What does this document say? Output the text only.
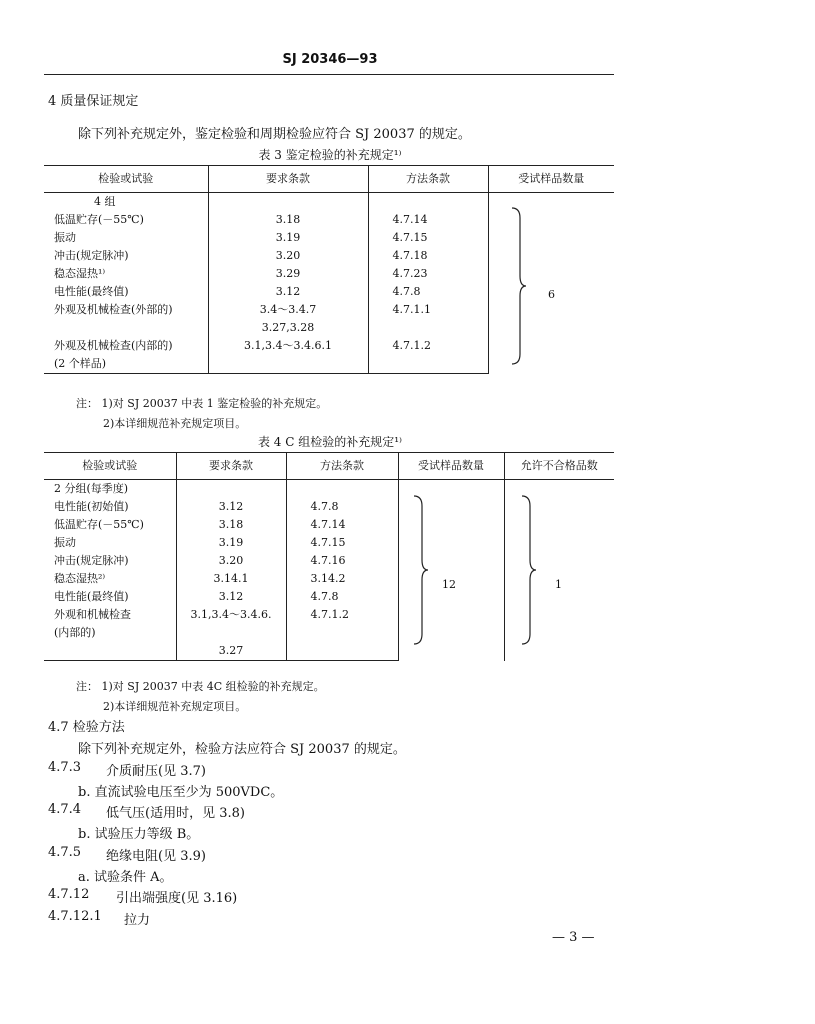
SJ 20346—93
4 质量保证规定
除下列补充规定外，鉴定检验和周期检验应符合 SJ 20037 的规定。
表 3 鉴定检验的补充规定¹⁾
检验或试验	要求条款	方法条款	受试样品数量
4 组			
低温贮存(－55℃)	3.18	4.7.14	
振动	3.19	4.7.15	
冲击(规定脉冲)	3.20	4.7.18	
稳态湿热¹⁾	3.29	4.7.23	
电性能(最终值)	3.12	4.7.8	
外观及机械检查(外部的)	3.4～3.4.7	4.7.1.1	
	3.27,3.28		
外观及机械检查(内部的)	3.1,3.4～3.4.6.1	4.7.1.2	
(2 个样品)			
6
注： 1)对 SJ 20037 中表 1 鉴定检验的补充规定。
2)本详细规范补充规定项目。
表 4 C 组检验的补充规定¹⁾
检验或试验	要求条款	方法条款	受试样品数量	允许不合格品数
2 分组(每季度)				
电性能(初始值)	3.12	4.7.8		
低温贮存(－55℃)	3.18	4.7.14		
振动	3.19	4.7.15		
冲击(规定脉冲)	3.20	4.7.16		
稳态湿热²⁾	3.14.1	3.14.2		
电性能(最终值)	3.12	4.7.8		
外观和机械检查	3.1,3.4～3.4.6.	4.7.1.2		
(内部的)				
	3.27			
12	1
注： 1)对 SJ 20037 中表 4C 组检验的补充规定。
2)本详细规范补充规定项目。
4.7 检验方法
除下列补充规定外，检验方法应符合 SJ 20037 的规定。
4.7.3 介质耐压(见 3.7)
b. 直流试验电压至少为 500VDC。
4.7.4 低气压(适用时，见 3.8)
b. 试验压力等级 B。
4.7.5 绝缘电阻(见 3.9)
a. 试验条件 A。
4.7.12 引出端强度(见 3.16)
4.7.12.1 拉力
— 3 —
